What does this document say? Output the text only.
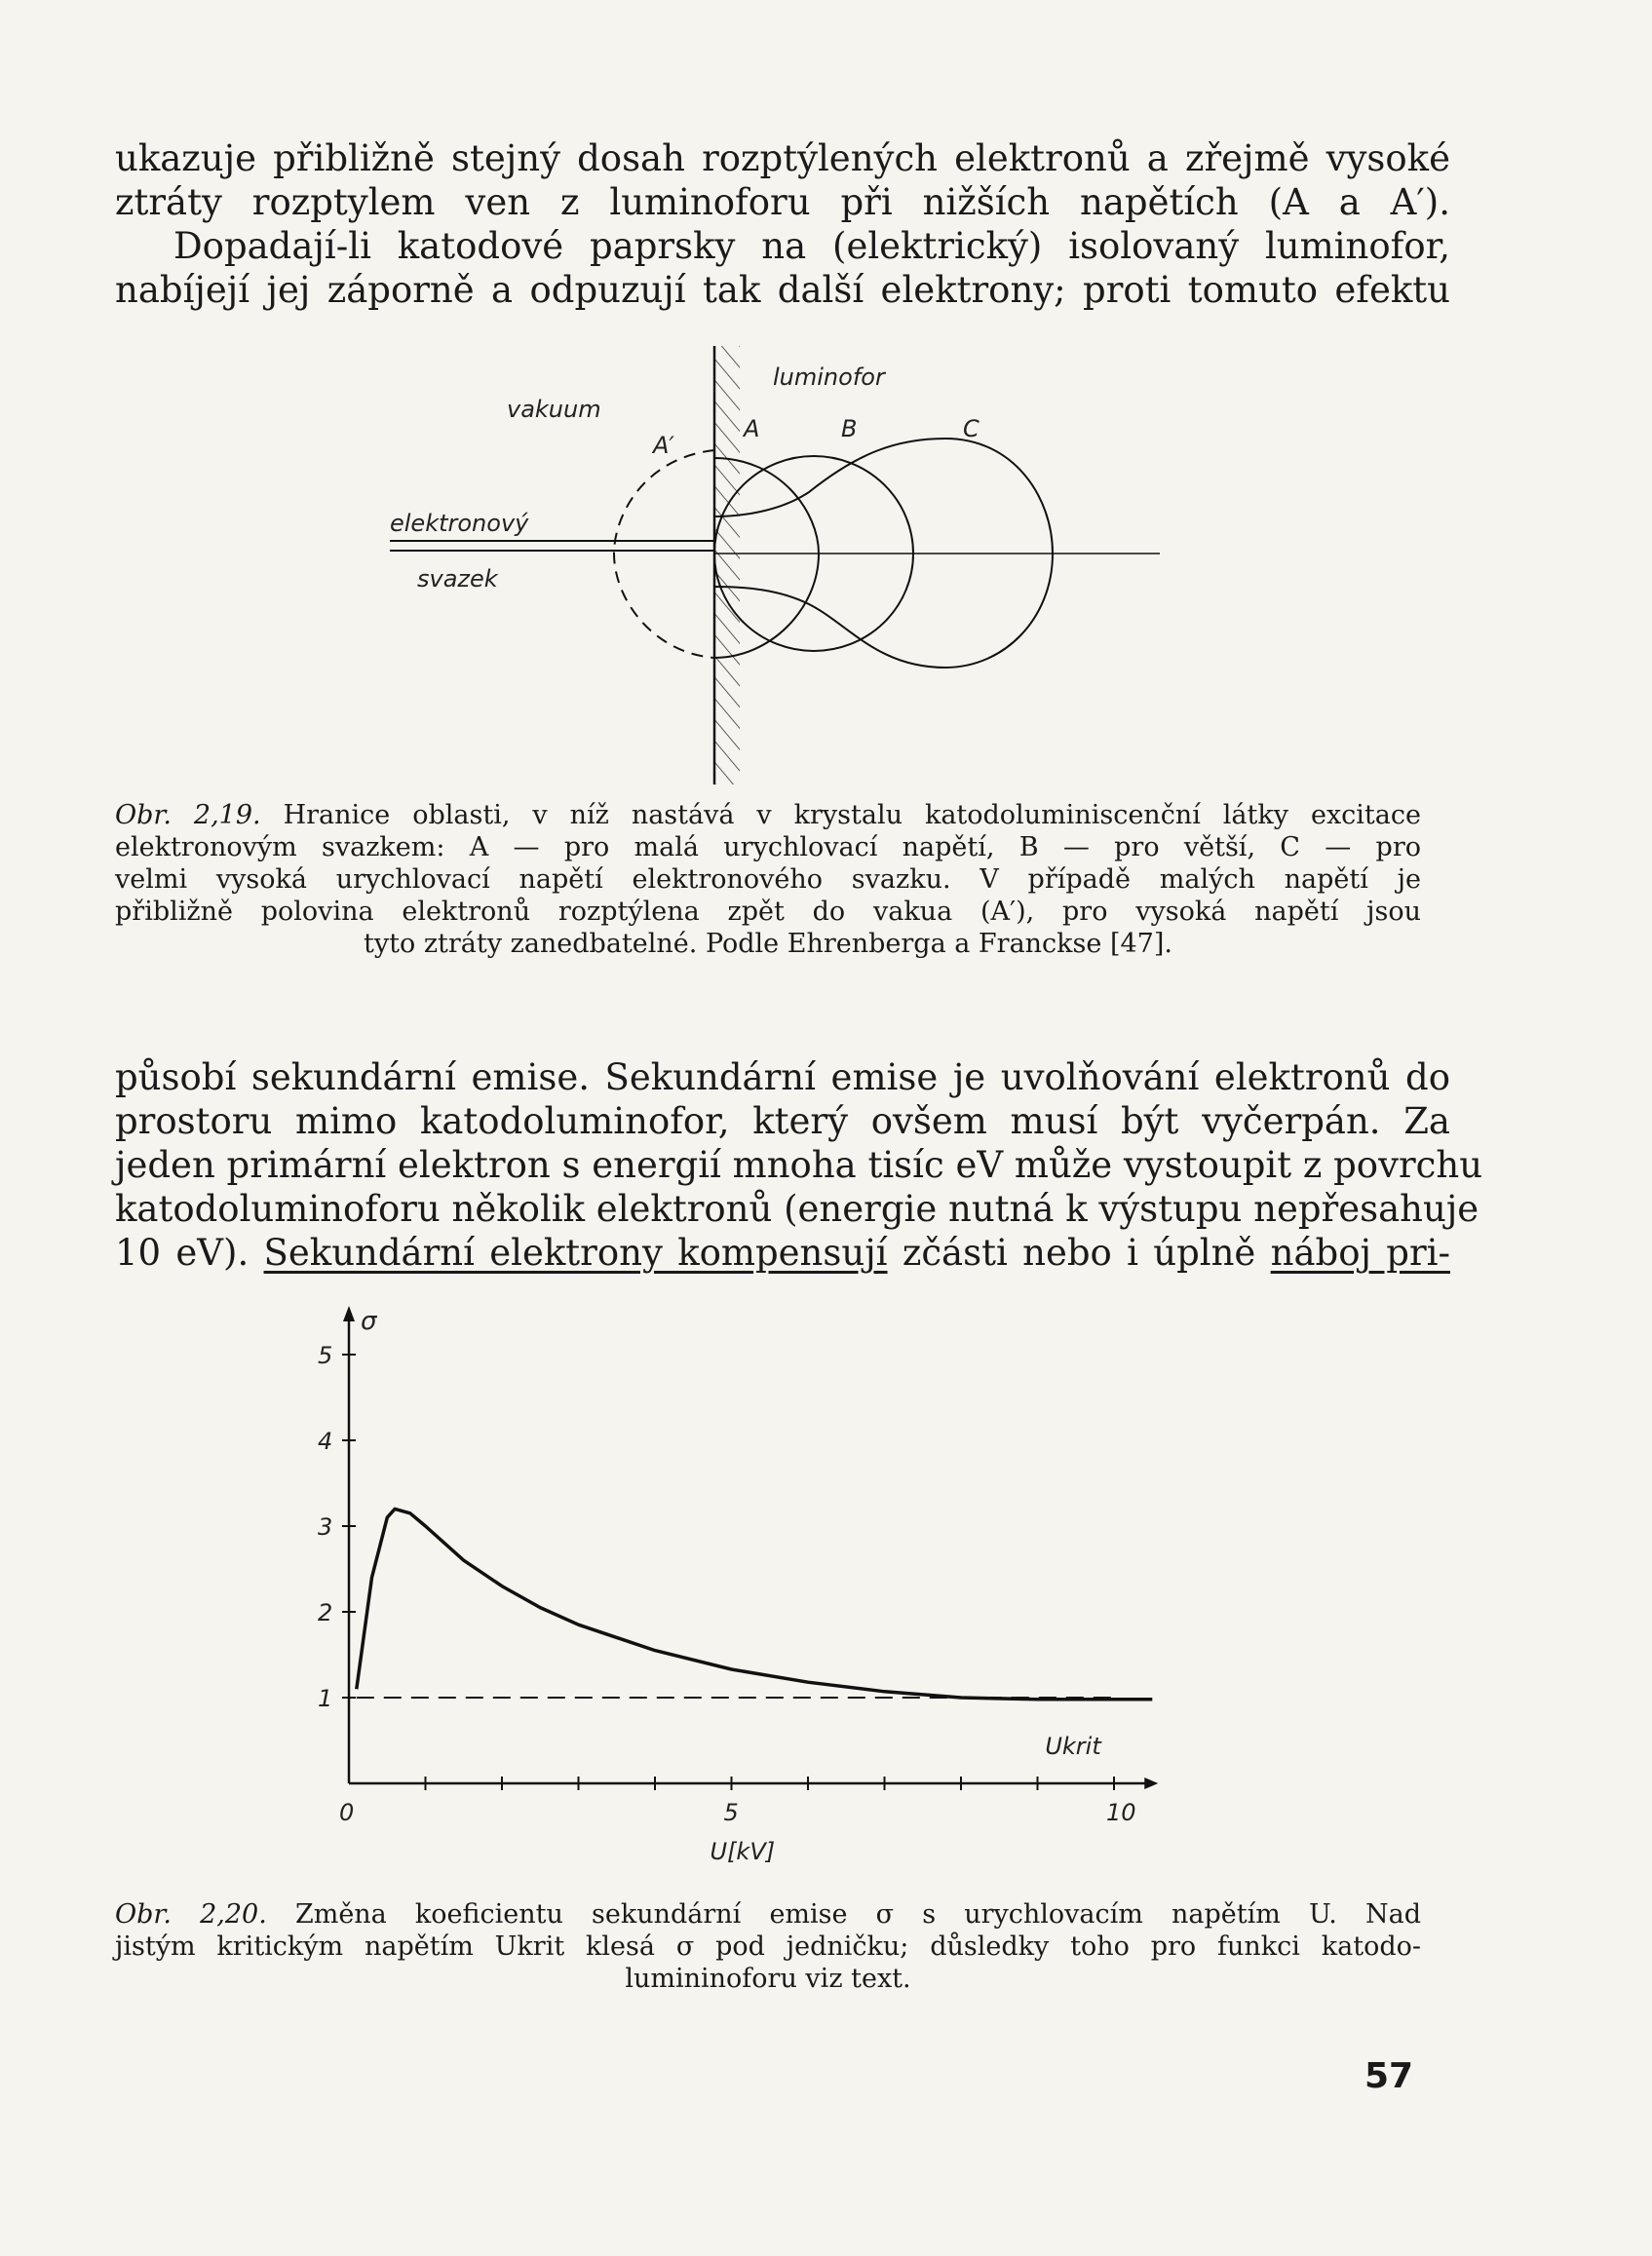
ukazuje přibližně stejný dosah rozptýlených elektronů a zřejmě vysoké
ztráty rozptylem ven z luminoforu při nižších napětích (A a A′).
Dopadají-li katodové paprsky na (elektrický) isolovaný luminofor,
nabíjejí jej záporně a odpuzují tak další elektrony; proti tomuto efektu

vakuum
luminofor
A′
A	B	C
elektronový
svazek
Obr. 2,19. Hranice oblasti, v níž nastává v krystalu katodoluminiscenční látky excitace
elektronovým svazkem: A — pro malá urychlovací napětí, B — pro větší, C — pro
velmi vysoká urychlovací napětí elektronového svazku. V případě malých napětí je
přibližně polovina elektronů rozptýlena zpět do vakua (A′), pro vysoká napětí jsou
tyto ztráty zanedbatelné. Podle Ehrenberga a Franckse [47].

působí sekundární emise. Sekundární emise je uvolňování elektronů do
prostoru mimo katodoluminofor, který ovšem musí být vyčerpán. Za
jeden primární elektron s energií mnoha tisíc eV může vystoupit z povrchu
katodoluminoforu několik elektronů (energie nutná k výstupu nepřesahuje
10 eV). Sekundární elektrony kompensují zčásti nebo i úplně náboj pri-

0	5	10
1
2
3
4
5
σ
U[kV]
Ukrit
Obr. 2,20. Změna koeficientu sekundární emise σ s urychlovacím napětím U. Nad
jistým kritickým napětím Ukrit klesá σ pod jedničku; důsledky toho pro funkci katodo-
lumininoforu viz text.
57
